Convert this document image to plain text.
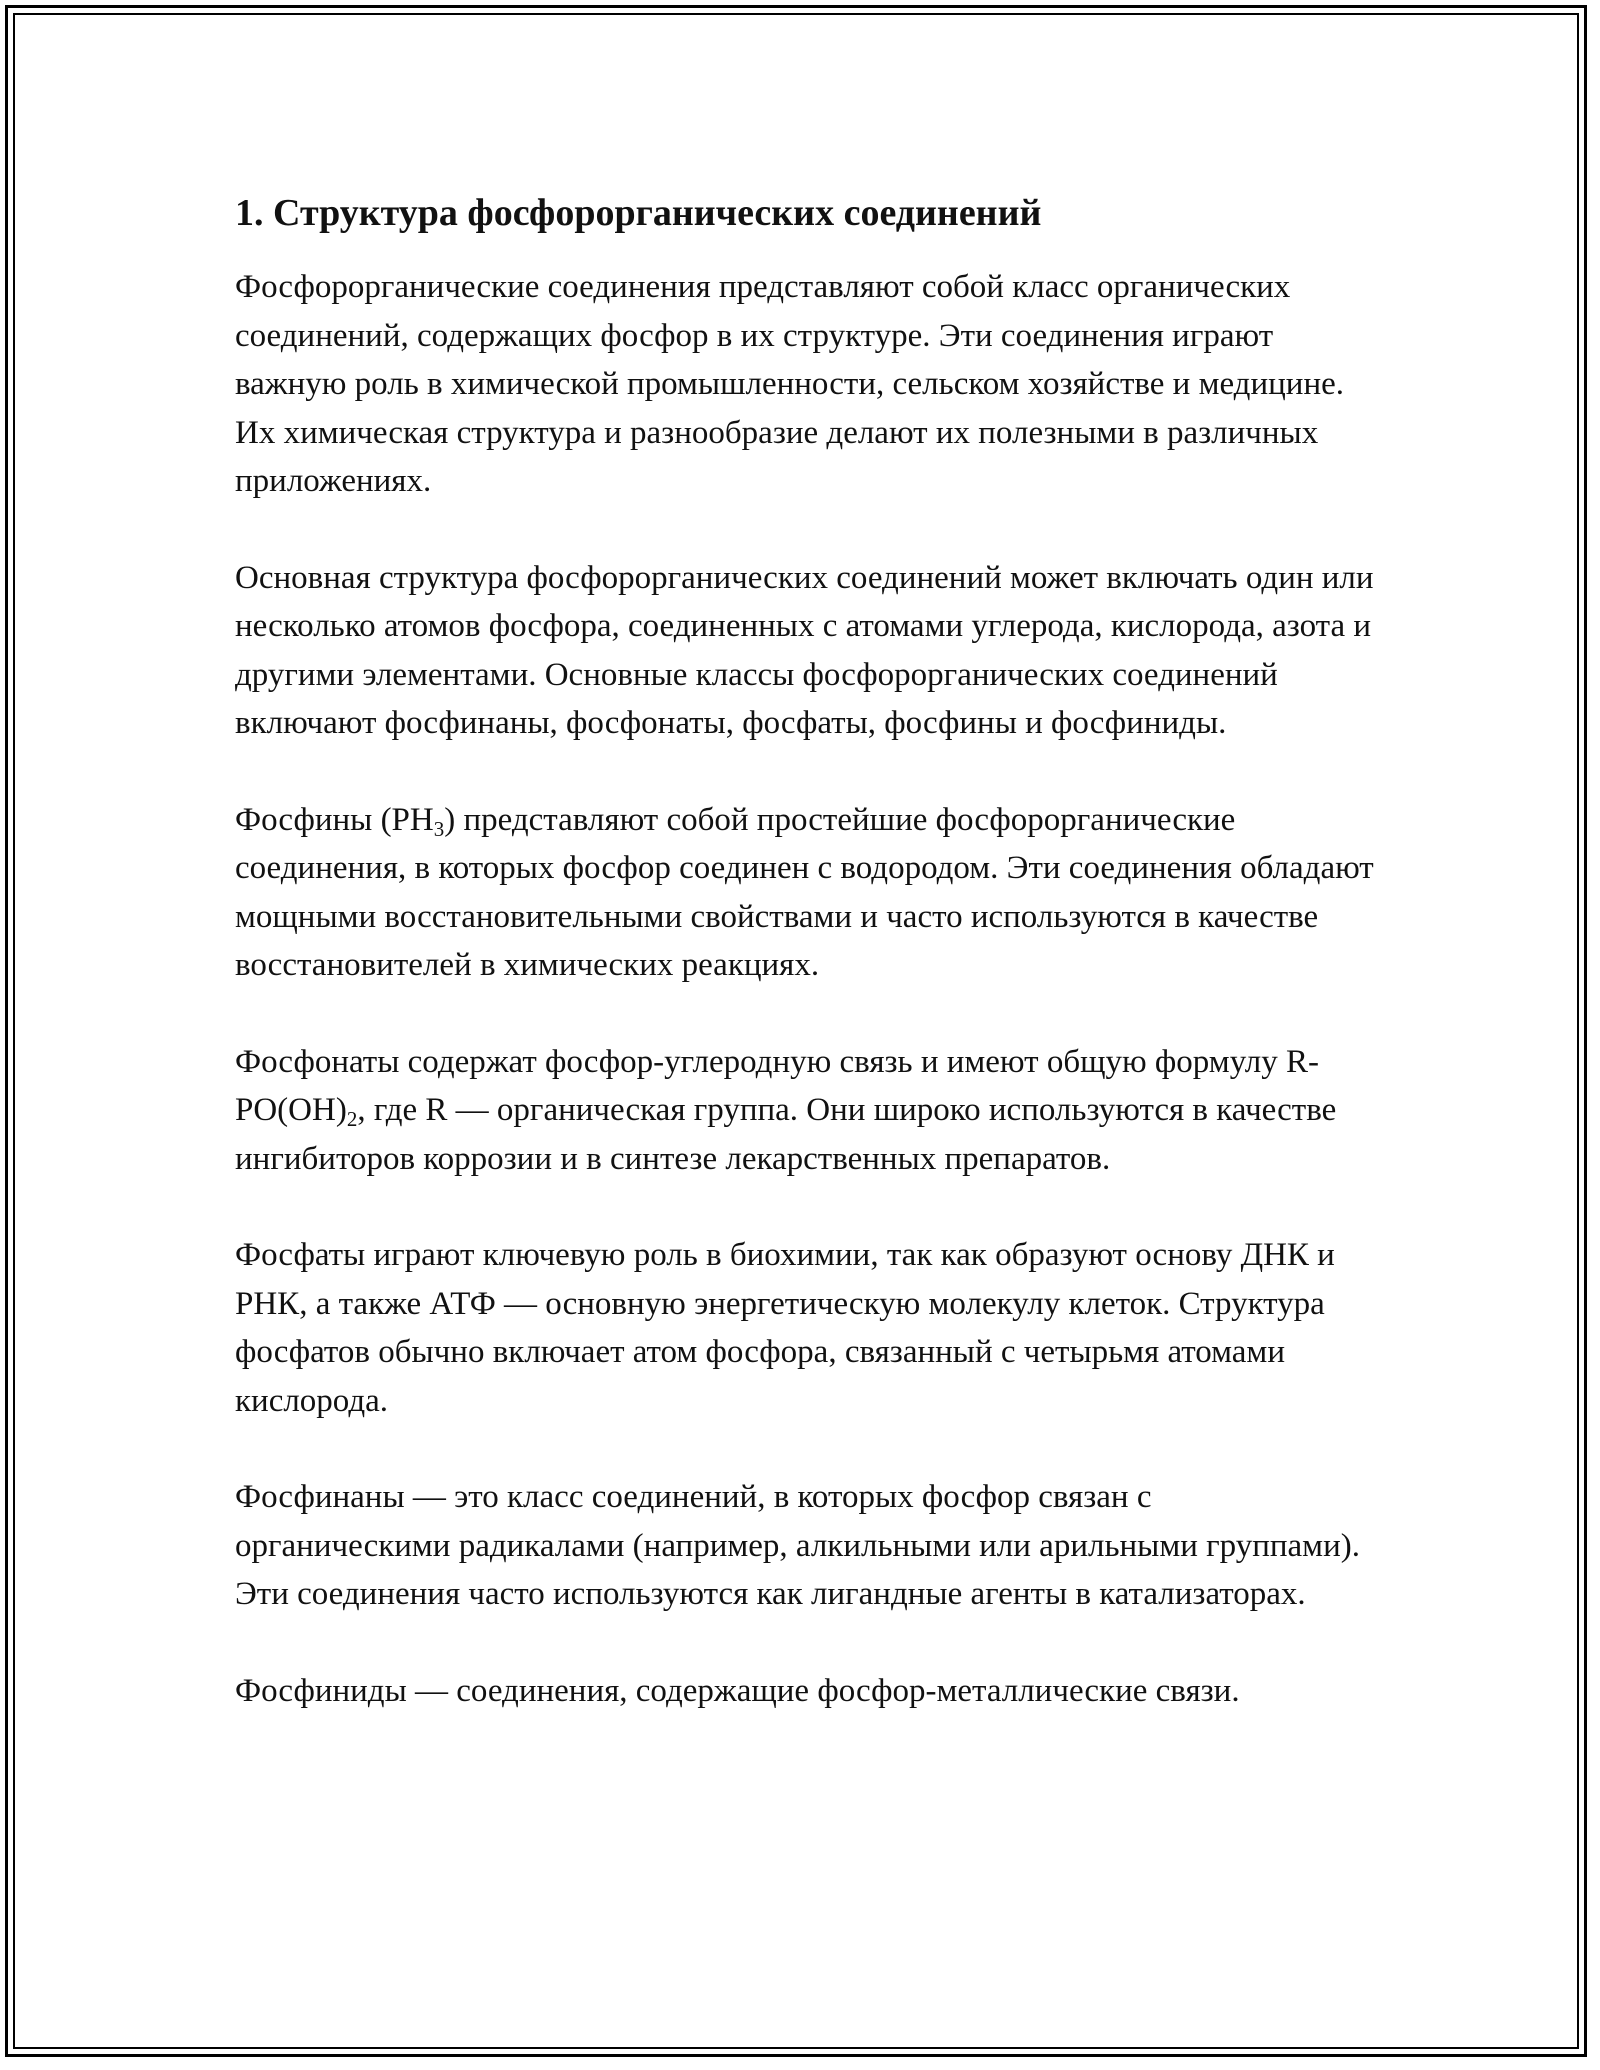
1. Структура фосфорорганических соединений

Фосфорорганические соединения представляют собой класс органических соединений, содержащих фосфор в их структуре. Эти соединения играют важную роль в химической промышленности, сельском хозяйстве и медицине. Их химическая структура и разнообразие делают их полезными в различных приложениях.

Основная структура фосфорорганических соединений может включать один или несколько атомов фосфора, соединенных с атомами углерода, кислорода, азота и другими элементами. Основные классы фосфорорганических соединений включают фосфинаны, фосфонаты, фосфаты, фосфины и фосфиниды.

Фосфины $(PH_3)$ представляют собой простейшие фосфорорганические соединения, в которых фосфор соединен с водородом. Эти соединения обладают мощными восстановительными свойствами и часто используются в качестве восстановителей в химических реакциях.

Фосфонаты содержат фосфор-углеродную связь и имеют общую формулу $R-PO(OH)_2$, где R — органическая группа. Они широко используются в качестве ингибиторов коррозии и в синтезе лекарственных препаратов.

Фосфаты играют ключевую роль в биохимии, так как образуют основу ДНК и РНК, а также АТФ — основную энергетическую молекулу клеток. Структура фосфатов обычно включает атом фосфора, связанный с четырьмя атомами кислорода.

Фосфинаны — это класс соединений, в которых фосфор связан с органическими радикалами (например, алкильными или арильными группами). Эти соединения часто используются как лигандные агенты в катализаторах.

Фосфиниды — соединения, содержащие фосфор-металлические связи.
